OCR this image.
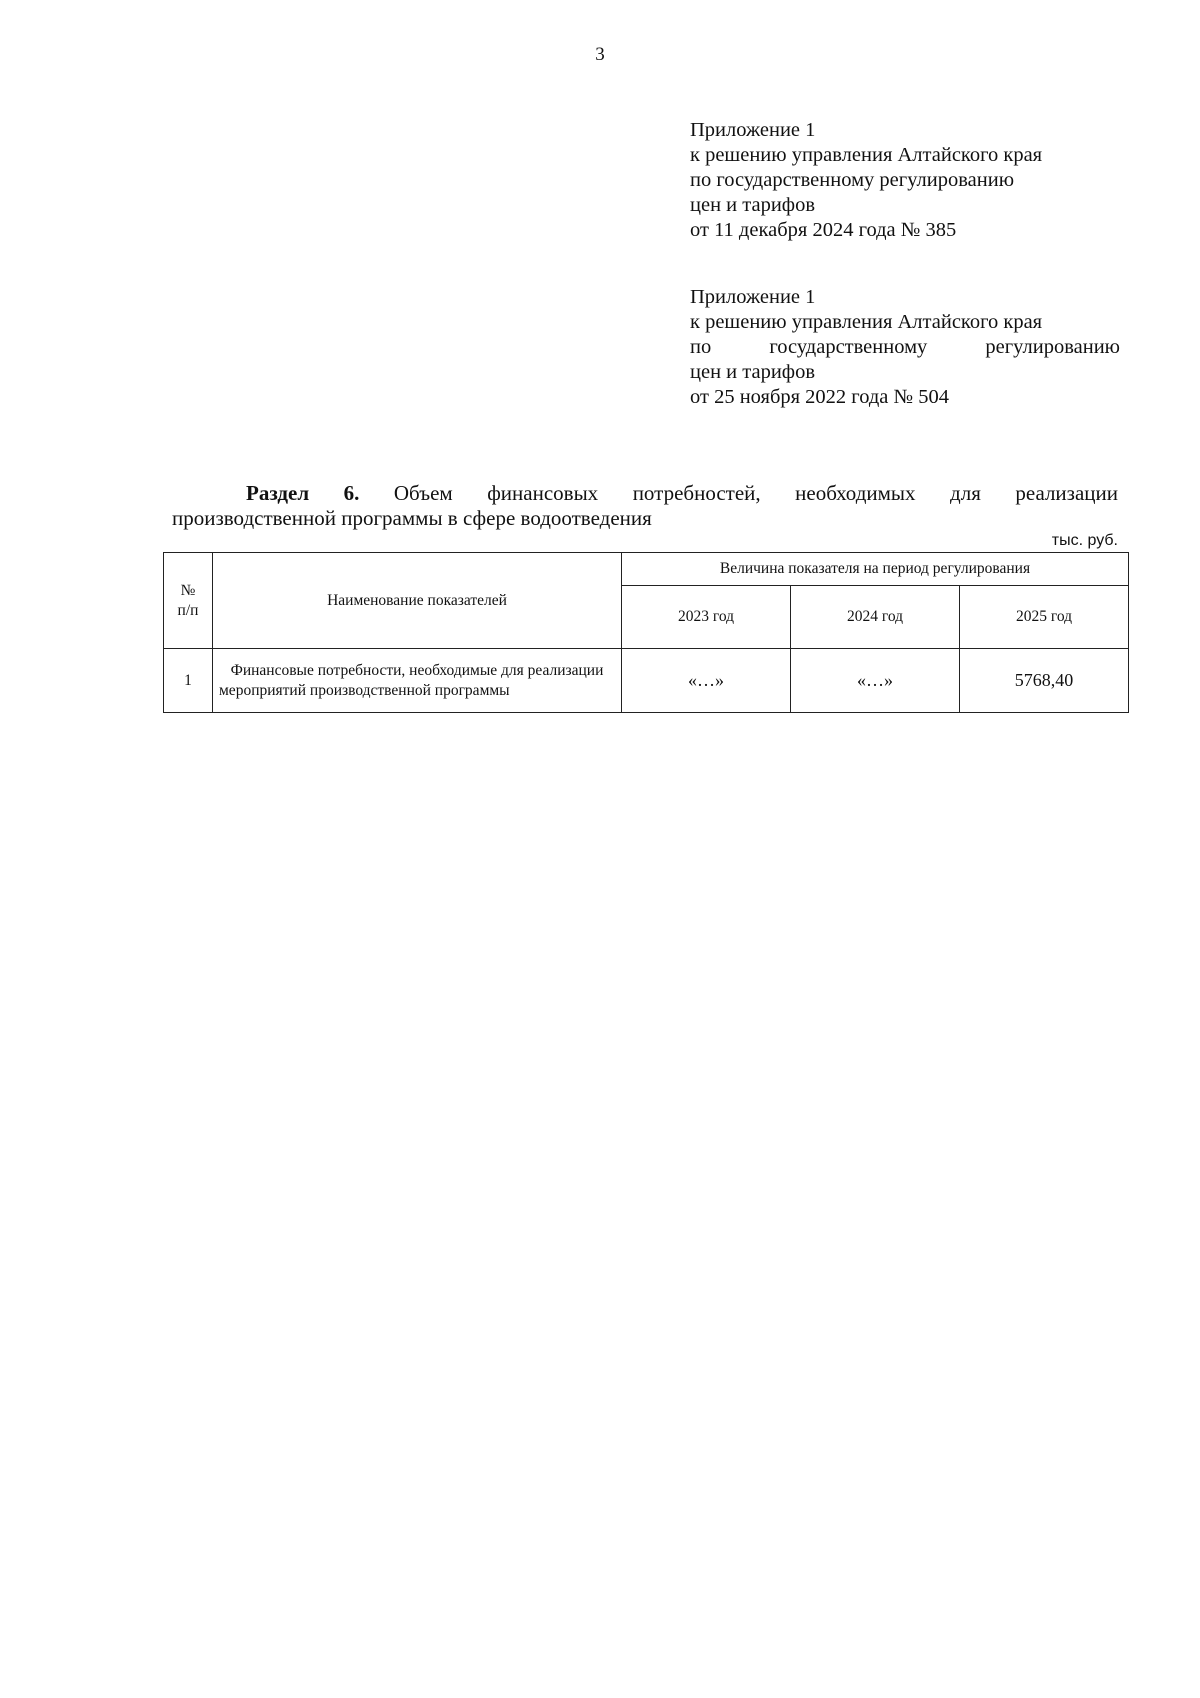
3
Приложение 1
к решению управления Алтайского края
по государственному регулированию
цен и тарифов
от 11 декабря 2024 года № 385
Приложение 1
к решению управления Алтайского края
по государственному регулированию
цен и тарифов
от 25 ноября 2022 года № 504
Раздел 6. Объем финансовых потребностей, необходимых для реализации
производственной программы в сфере водоотведения
тыс. руб.
№
п/п	Наименование показателей	Величина показателя на период регулирования		
		2023 год	2024 год	2025 год
1	Финансовые потребности, необходимые для реализации мероприятий производственной программы	«…»	«…»	5768,40
